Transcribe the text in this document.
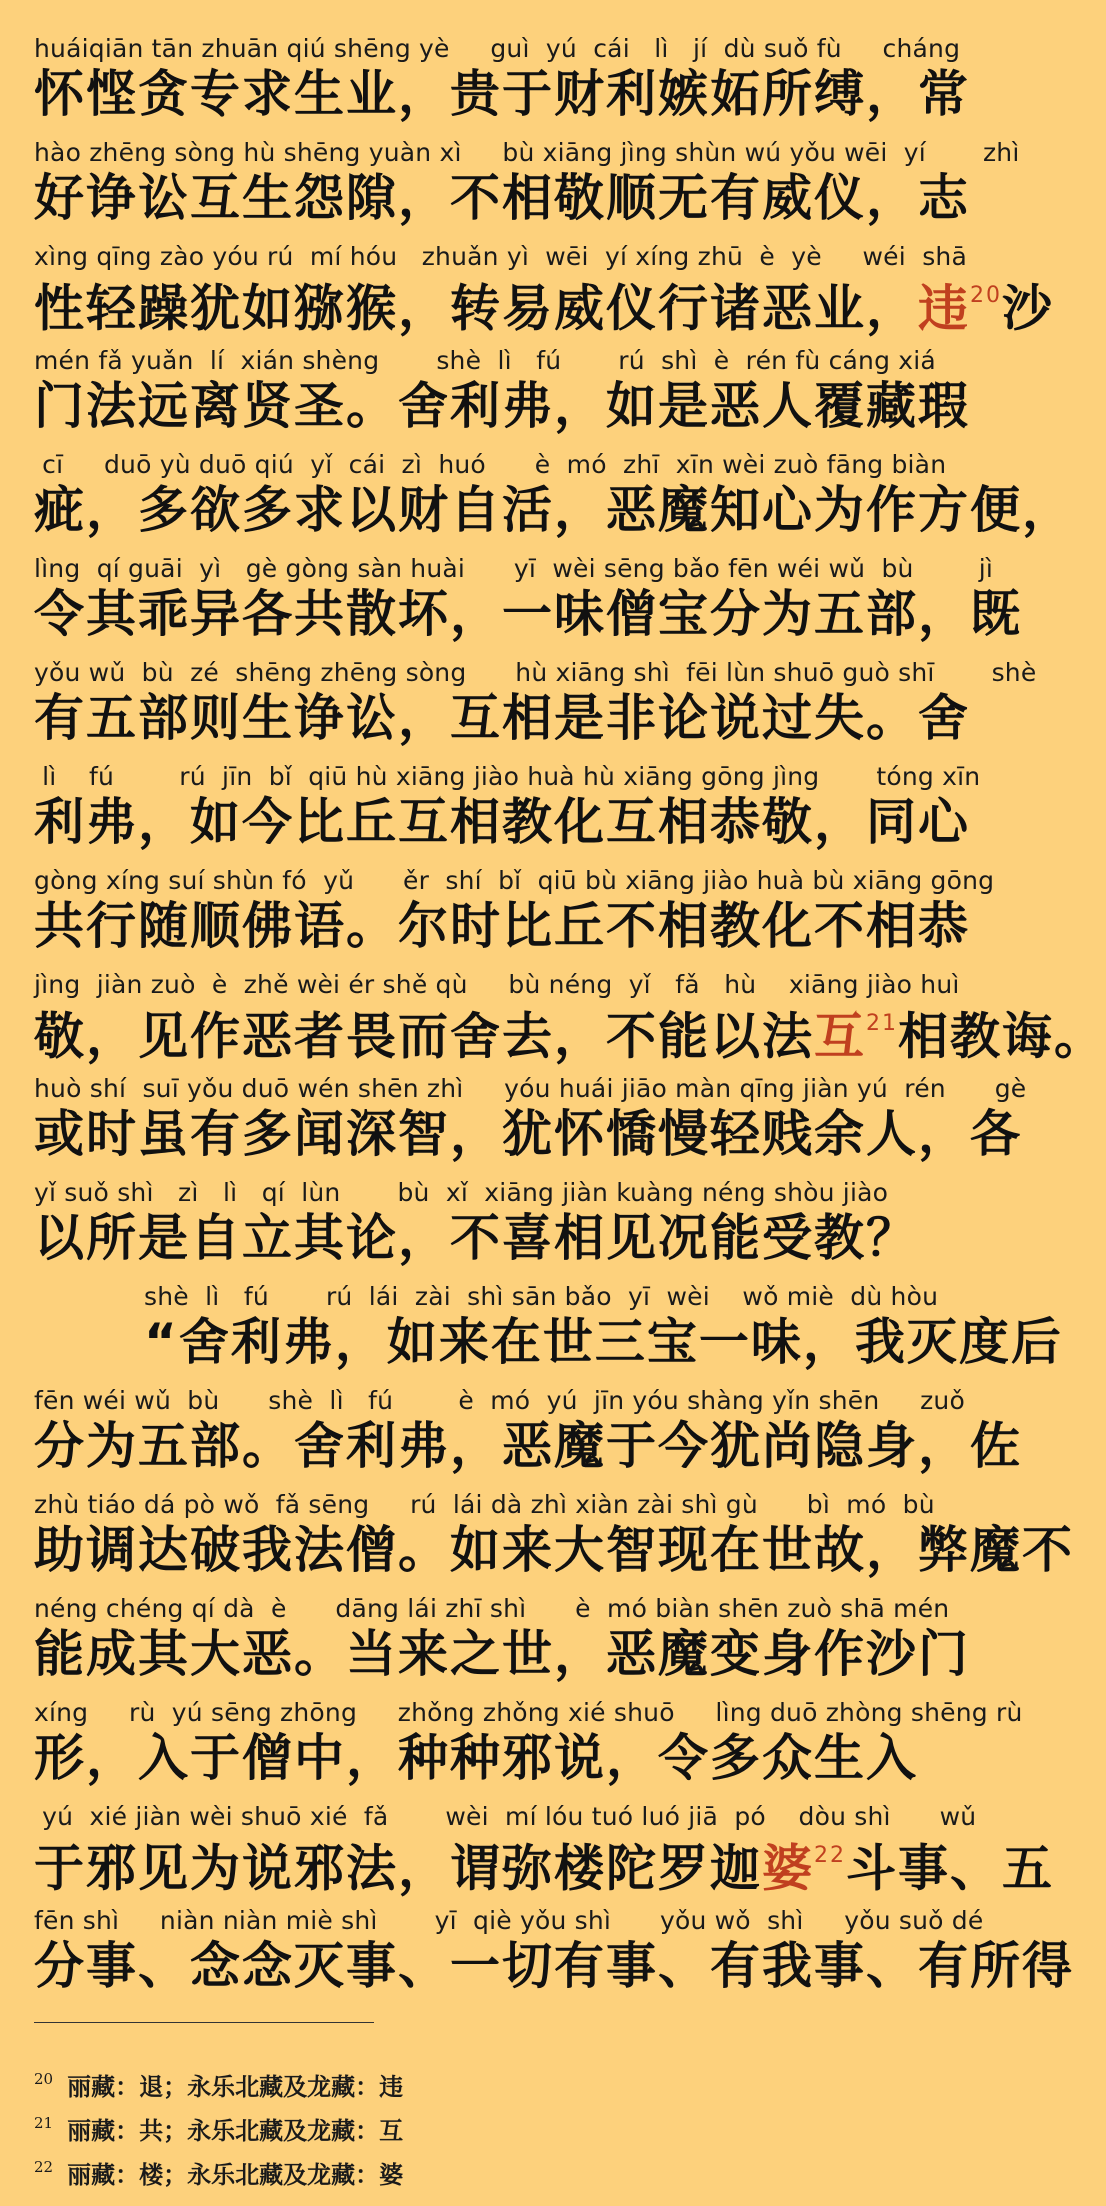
huáiqiān tān zhuān qiú shēng yè     guì  yú  cái   lì   jí  dù suǒ fù     cháng
怀悭贪专求生业，贵于财利嫉妬所缚，常
hào zhēng sòng hù shēng yuàn xì     bù xiāng jìng shùn wú yǒu wēi  yí       zhì
好诤讼互生怨隙，不相敬顺无有威仪，志
xìng qīng zào yóu rú  mí hóu   zhuǎn yì  wēi  yí xíng zhū  è  yè     wéi  shā
性轻躁犹如猕猴，转易威仪行诸恶业，违$^{20}$沙
mén fǎ yuǎn  lí  xián shèng       shè  lì   fú       rú  shì  è  rén fù cáng xiá
门法远离贤圣。舍利弗，如是恶人覆藏瑕
cī     duō yù duō qiú  yǐ  cái  zì  huó      è  mó  zhī  xīn wèi zuò fāng biàn
疵，多欲多求以财自活，恶魔知心为作方便，
lìng  qí guāi  yì   gè gòng sàn huài      yī  wèi sēng bǎo fēn wéi wǔ  bù        jì
令其乖异各共散坏，一味僧宝分为五部，既
yǒu wǔ  bù  zé  shēng zhēng sòng      hù xiāng shì  fēi lùn shuō guò shī       shè
有五部则生诤讼，互相是非论说过失。舍
lì    fú        rú  jīn  bǐ  qiū hù xiāng jiào huà hù xiāng gōng jìng       tóng xīn
利弗，如今比丘互相教化互相恭敬，同心
gòng xíng suí shùn fó  yǔ      ěr  shí  bǐ  qiū bù xiāng jiào huà bù xiāng gōng
共行随顺佛语。尔时比丘不相教化不相恭
jìng  jiàn zuò  è  zhě wèi ér shě qù     bù néng  yǐ   fǎ   hù    xiāng jiào huì
敬，见作恶者畏而舍去，不能以法互$^{21}$相教诲。
huò shí  suī yǒu duō wén shēn zhì     yóu huái jiāo màn qīng jiàn yú  rén      gè
或时虽有多闻深智，犹怀憍慢轻贱余人，各
yǐ suǒ shì   zì   lì   qí  lùn       bù  xǐ  xiāng jiàn kuàng néng shòu jiào
以所是自立其论，不喜相见况能受教？
shè  lì   fú       rú  lái  zài  shì sān bǎo  yī  wèi    wǒ miè  dù hòu
“舍利弗，如来在世三宝一味，我灭度后
fēn wéi wǔ  bù      shè  lì   fú        è  mó  yú  jīn yóu shàng yǐn shēn     zuǒ
分为五部。舍利弗，恶魔于今犹尚隐身，佐
zhù tiáo dá pò wǒ  fǎ sēng     rú  lái dà zhì xiàn zài shì gù      bì  mó  bù
助调达破我法僧。如来大智现在世故，弊魔不
néng chéng qí dà  è      dāng lái zhī shì      è  mó biàn shēn zuò shā mén
能成其大恶。当来之世，恶魔变身作沙门
xíng     rù  yú sēng zhōng     zhǒng zhǒng xié shuō     lìng duō zhòng shēng rù
形，入于僧中，种种邪说，令多众生入
yú  xié jiàn wèi shuō xié  fǎ       wèi  mí lóu tuó luó jiā  pó    dòu shì      wǔ
于邪见为说邪法，谓弥楼陀罗迦婆$^{22}$斗事、五
fēn shì     niàn niàn miè shì       yī  qiè yǒu shì      yǒu wǒ  shì     yǒu suǒ dé
分事、念念灭事、一切有事、有我事、有所得
$^{20}$ 丽藏：退；永乐北藏及龙藏：违
$^{21}$ 丽藏：共；永乐北藏及龙藏：互
$^{22}$ 丽藏：楼；永乐北藏及龙藏：婆
